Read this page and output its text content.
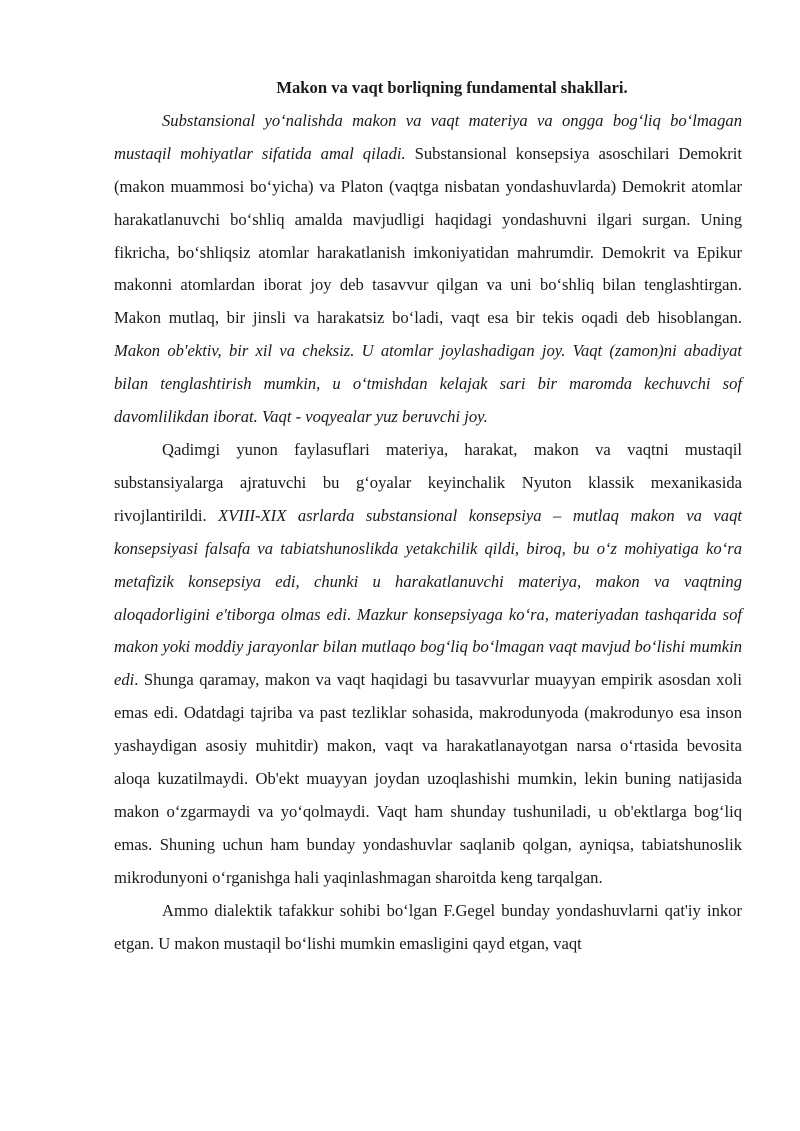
Makon va vaqt borliqning fundamental shakllari.

Substansional yo‘nalishda makon va vaqt materiya va ongga bog‘liq bo‘lmagan mustaqil mohiyatlar sifatida amal qiladi. Substansional konsepsiya asoschilari Demokrit (makon muammosi bo‘yicha) va Platon (vaqtga nisbatan yondashuvlarda) Demokrit atomlar harakatlanuvchi bo‘shliq amalda mavjudligi haqidagi yondashuvni ilgari surgan. Uning fikricha, bo‘shliqsiz atomlar harakatlanish imkoniyatidan mahrumdir. Demokrit va Epikur makonni atomlardan iborat joy deb tasavvur qilgan va uni bo‘shliq bilan tenglashtirgan. Makon mutlaq, bir jinsli va harakatsiz bo‘ladi, vaqt esa bir tekis oqadi deb hisoblangan. Makon ob'ektiv, bir xil va cheksiz. U atomlar joylashadigan joy. Vaqt (zamon)ni abadiyat bilan tenglashtirish mumkin, u o‘tmishdan kelajak sari bir maromda kechuvchi sof davomlilikdan iborat. Vaqt - voqyealar yuz beruvchi joy.

Qadimgi yunon faylasuflari materiya, harakat, makon va vaqtni mustaqil substansiyalarga ajratuvchi bu g‘oyalar keyinchalik Nyuton klassik mexanikasida rivojlantirildi. XVIII-XIX asrlarda substansional konsepsiya – mutlaq makon va vaqt konsepsiyasi falsafa va tabiatshunoslikda yetakchilik qildi, biroq, bu o‘z mohiyatiga ko‘ra metafizik konsepsiya edi, chunki u harakatlanuvchi materiya, makon va vaqtning aloqadorligini e'tiborga olmas edi. Mazkur konsepsiyaga ko‘ra, materiyadan tashqarida sof makon yoki moddiy jarayonlar bilan mutlaqo bog‘liq bo‘lmagan vaqt mavjud bo‘lishi mumkin edi. Shunga qaramay, makon va vaqt haqidagi bu tasavvurlar muayyan empirik asosdan xoli emas edi. Odatdagi tajriba va past tezliklar sohasida, makrodunyoda (makrodunyo esa inson yashaydigan asosiy muhitdir) makon, vaqt va harakatlanayotgan narsa o‘rtasida bevosita aloqa kuzatilmaydi. Ob'ekt muayyan joydan uzoqlashishi mumkin, lekin buning natijasida makon o‘zgarmaydi va yo‘qolmaydi. Vaqt ham shunday tushuniladi, u ob'ektlarga bog‘liq emas. Shuning uchun ham bunday yondashuvlar saqlanib qolgan, ayniqsa, tabiatshunoslik mikrodunyoni o‘rganishga hali yaqinlashmagan sharoitda keng tarqalgan.

Ammo dialektik tafakkur sohibi bo‘lgan F.Gegel bunday yondashuvlarni qat'iy inkor etgan. U makon mustaqil bo‘lishi mumkin emasligini qayd etgan, vaqt
